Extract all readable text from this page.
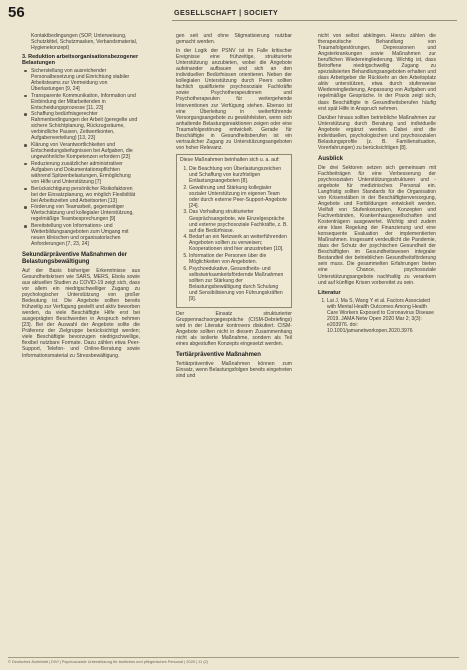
56	GESELLSCHAFT | SOCIETY
Kontaktbedingungen (SOP, Unterweisung, Schutzkittel, Schutzmasken, Verbandsmaterial, Hygienekonzept)
3. Reduktion arbeitsorganisationsbezogener Belastungen
Sicherstellung von ausreichender Personalbesetzung und Einrichtung stabiler Arbeitsteams zur Vermeidung von Überlastungen [9, 24]
Transparente Kommunikation, Information und Einbindung der Mitarbeitenden in Entscheidungsprozesse [11, 23]
Schaffung bedürfnisgerechter Rahmenbedingungen der Arbeit (geregelte und sichere Schichtplanung, Rückzugsräume, verbindliche Pausen, Zeitwertkonten, Aufgabenverteilung) [13, 23]
Klärung von Verantwortlichkeiten und Entscheidungsbefugnissen bei Aufgaben, die ungewöhnliche Kompetenzen erfordern [23]
Reduzierung zusätzlicher administrativer Aufgaben und Dokumentationspflichten während Spitzenbelastungen, Ermöglichung von Hilfe und Unterstützung [7]
Berücksichtigung persönlicher Risikofaktoren bei der Einsatzplanung, wo möglich Flexibilität bei Arbeitszeiten und Arbeitsorten [13]
Förderung von Teamarbeit, gegenseitiger Wertschätzung und kollegialer Unterstützung, regelmäßige Teambesprechungen [9]
Bereitstellung von Informations- und Weiterbildungsangeboten zum Umgang mit neuen klinischen und organisatorischen Anforderungen [7, 23, 24]
Sekundärpräventive Maßnahmen der Belastungsbewältigung

Auf der Basis bisheriger Erkenntnisse aus Gesundheitskrisen wie SARS, MERS, Ebola sowie aus aktuellen Studien zu COVID-19 zeigt sich, dass vor allem ein niedrigschwelliger Zugang zu psychologischer Unterstützung von großer Bedeutung ist. Die Angebote sollten bereits frühzeitig zur Verfügung gestellt und aktiv beworben werden, da viele Beschäftigte Hilfe erst bei ausgeprägten Beschwerden in Anspruch nehmen [23]. Bei der Auswahl der Angebote sollte die Präferenz der Zielgruppe berücksichtigt werden; viele Beschäftigte bevorzugen niedrigschwellige, flexibel nutzbare Formate. Dazu zählen etwa Peer-Support, Telefon- und Online-Beratung sowie Informationsmaterial zu Stressbewältigung.

gen seit und ohne Stigmatisierung nutzbar gemacht werden.

In der Logik der PSNV ist im Falle kritischer Ereignisse eine frühzeitige, strukturierte Unterstützung anzubieten, wobei die Angebote aufeinander aufbauen und sich an den individuellen Bedürfnissen orientieren. Neben der kollegialen Unterstützung durch Peers sollten fachlich qualifizierte psychosoziale Fachkräfte sowie Psychotherapeutinnen und Psychotherapeuten für weitergehende Interventionen zur Verfügung stehen. Ebenso ist eine Überleitung in weiterführende Versorgungsangebote zu gewährleisten, wenn sich anhaltende Belastungsreaktionen zeigen oder eine Traumafolgestörung entwickelt. Gerade für Beschäftigte in Gesundheitsberufen ist ein vertraulicher Zugang zu Unterstützungsangeboten von hoher Relevanz.

Diese Maßnahmen beinhalten sich u. a. auf:

1. Die Beachtung von Überlastungszeichen und Schaffung von kurzfristigen Entlastungsangeboten [8].
2. Gewährung und Stärkung kollegialer sozialer Unterstützung im eigenen Team oder durch externe Peer-Support-Angebote [24].
3. Das Vorhaltung strukturierter Gesprächsangebote, wie Einzelgespräche und externe psychosoziale Fachkräfte, z. B. auf die Bedürfnisse.
4. Bedarf an ein Netzwerk an weiterführenden Angeboten sollten zu verweisen; Kooperationen sind hier anzustreben [10].
5. Information der Personen über die Möglichkeiten von Angeboten.
6. Psychoedukative, Gesundheits- und selbstwirksamkeitsfördernde Maßnahmen sollten zur Stärkung der Belastungsbewältigung durch Schulung und Sensibilisierung von Führungskräften [9].

Der Einsatz strukturierter Gruppennachsorgegespräche (CISM-Debriefings) wird in der Literatur kontrovers diskutiert. CISM-Angebote sollten nicht in diesem Zusammenhang nicht als isolierte Maßnahme, sondern als Teil eines abgestuften Konzepts eingesetzt werden.

Tertiärpräventive Maßnahmen

Tertiärpräventive Maßnahmen können zum Einsatz, wenn Belastungsfolgen bereits eingetreten sind und

nicht von selbst abklingen. Hierzu zählen die therapeutische Behandlung von Traumafolgestörungen, Depressionen und Angsterkrankungen sowie Maßnahmen zur beruflichen Wiedereingliederung. Wichtig ist, dass Betroffene niedrigschwellig Zugang zu spezialisierten Behandlungsangeboten erhalten und dass Arbeitgeber die Rückkehr an den Arbeitsplatz aktiv unterstützen, etwa durch stufenweise Wiedereingliederung, Anpassung von Aufgaben und regelmäßige Gespräche. In der Praxis zeigt sich, dass Beschäftigte in Gesundheitsberufen häufig erst spät Hilfe in Anspruch nehmen.

Darüber hinaus sollten betriebliche Maßnahmen zur Unterstützung durch Beratung und individuelle Angebote ergänzt werden. Dabei sind die individuellen, psychologischen und psychosozialen Belastungsprofile (z. B. Familiensituation, Vorerfahrungen) zu berücksichtigen [8].

Ausblick

Die drei Sektoren setzen sich gemeinsam mit Fachbeiträgen für eine Verbesserung der psychosozialen Unterstützungsstrukturen und -angebote für medizinisches Personal ein. Langfristig sollten Standards für die Organisation von Krisenstäben in der Beschäftigtenversorgung, Angebote und Fortbildungen entwickelt werden. Vielfalt von Stufenkonzepten, Konzepten und Fachverbänden, Krankenhausgesellschaften und Kostenträgern ausgewertet. Wichtig sind zudem eine klare Regelung der Finanzierung und eine konsequente Evaluation der implementierten Maßnahmen. Insgesamt verdeutlicht die Pandemie, dass der Schutz der psychischen Gesundheit der Beschäftigten im Gesundheitswesen integraler Bestandteil der betrieblichen Gesundheitsförderung sein muss. Die gesammelten Erfahrungen bieten eine Chance, psychosoziale Unterstützungsangebote nachhaltig zu verankern und auf künftige Krisen vorbereitet zu sein.

Literatur
1. Lai J, Ma S, Wang Y et al. Factors Associated with Mental Health Outcomes Among Health Care Workers Exposed to Coronavirus Disease 2019. JAMA Netw Open 2020 Mar 2; 3(3): e203976. doi: 10.1001/jamanetworkopen.2020.3976
© Deutsches Ärzteblatt | DIVI | Psychosoziale Unterstützung für ärztliches und pflegerisches Personal | 2020 | 11 (2)
